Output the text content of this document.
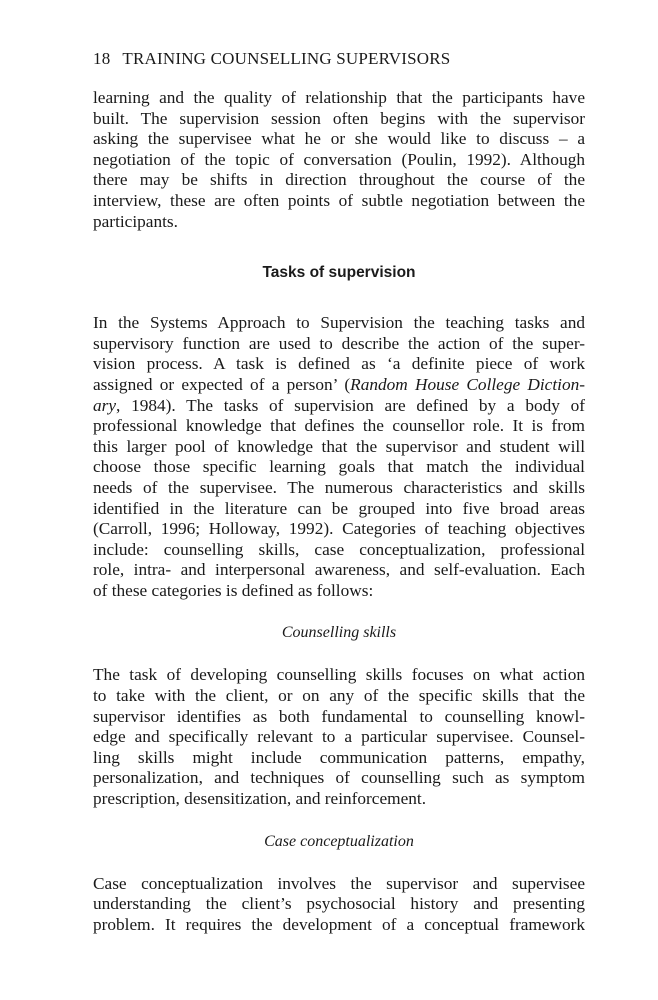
18 TRAINING COUNSELLING SUPERVISORS

learning and the quality of relationship that the participants have
built. The supervision session often begins with the supervisor
asking the supervisee what he or she would like to discuss – a
negotiation of the topic of conversation (Poulin, 1992). Although
there may be shifts in direction throughout the course of the
interview, these are often points of subtle negotiation between the
participants.

Tasks of supervision

In the Systems Approach to Supervision the teaching tasks and
supervisory function are used to describe the action of the super-
vision process. A task is defined as ‘a definite piece of work
assigned or expected of a person’ (Random House College Diction-
ary, 1984). The tasks of supervision are defined by a body of
professional knowledge that defines the counsellor role. It is from
this larger pool of knowledge that the supervisor and student will
choose those specific learning goals that match the individual
needs of the supervisee. The numerous characteristics and skills
identified in the literature can be grouped into five broad areas
(Carroll, 1996; Holloway, 1992). Categories of teaching objectives
include: counselling skills, case conceptualization, professional
role, intra- and interpersonal awareness, and self-evaluation. Each
of these categories is defined as follows:

Counselling skills

The task of developing counselling skills focuses on what action
to take with the client, or on any of the specific skills that the
supervisor identifies as both fundamental to counselling knowl-
edge and specifically relevant to a particular supervisee. Counsel-
ling skills might include communication patterns, empathy,
personalization, and techniques of counselling such as symptom
prescription, desensitization, and reinforcement.

Case conceptualization

Case conceptualization involves the supervisor and supervisee
understanding the client’s psychosocial history and presenting
problem. It requires the development of a conceptual framework
